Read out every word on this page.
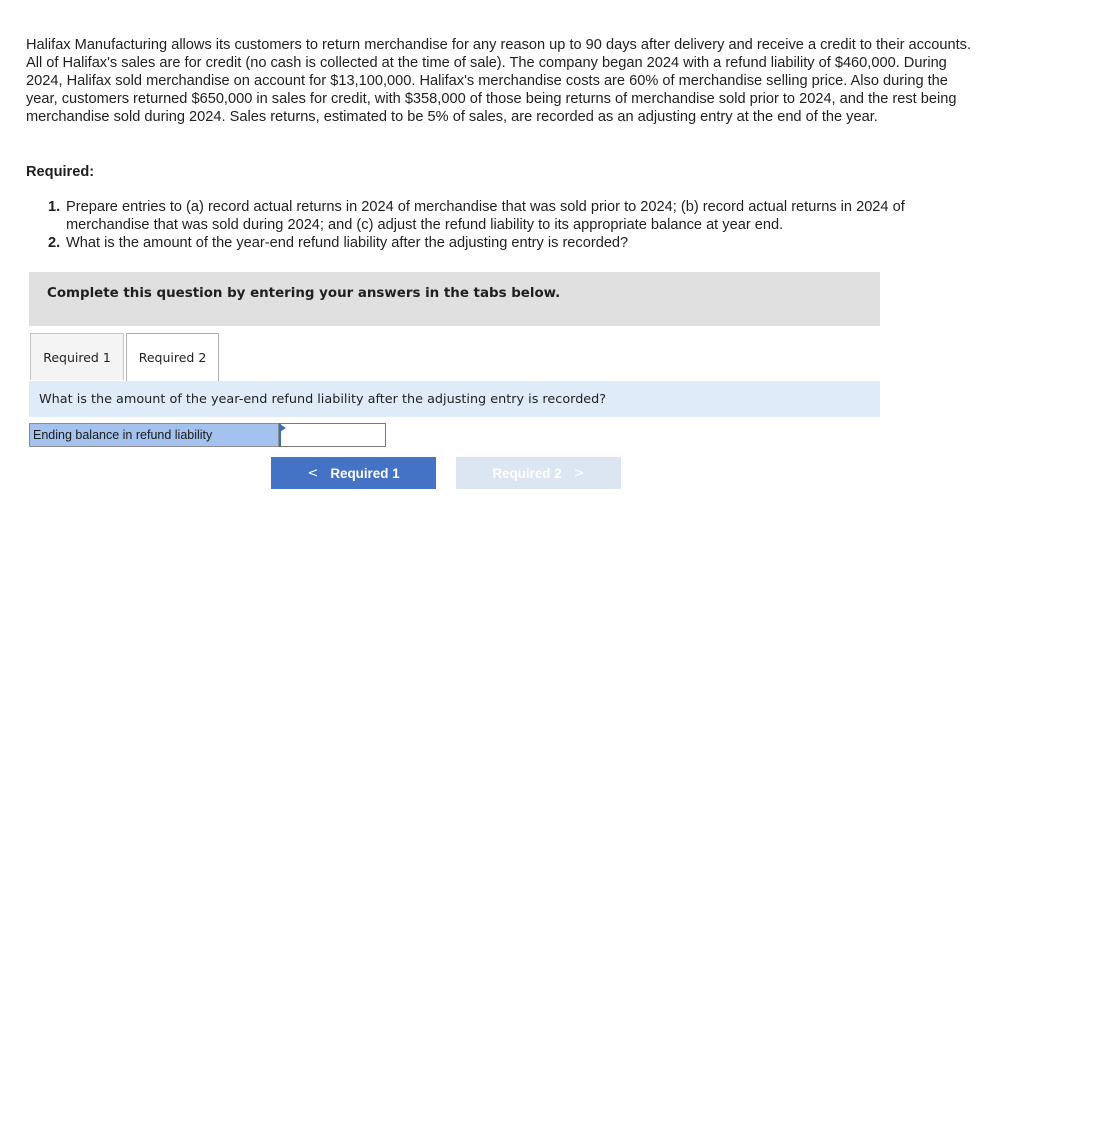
Halifax Manufacturing allows its customers to return merchandise for any reason up to 90 days after delivery and receive a credit to their accounts. All of Halifax's sales are for credit (no cash is collected at the time of sale). The company began 2024 with a refund liability of $460,000. During 2024, Halifax sold merchandise on account for $13,100,000. Halifax's merchandise costs are 60% of merchandise selling price. Also during the year, customers returned $650,000 in sales for credit, with $358,000 of those being returns of merchandise sold prior to 2024, and the rest being merchandise sold during 2024. Sales returns, estimated to be 5% of sales, are recorded as an adjusting entry at the end of the year.

Required:

1. Prepare entries to (a) record actual returns in 2024 of merchandise that was sold prior to 2024; (b) record actual returns in 2024 of merchandise that was sold during 2024; and (c) adjust the refund liability to its appropriate balance at year end.
2. What is the amount of the year-end refund liability after the adjusting entry is recorded?
Complete this question by entering your answers in the tabs below.
Required 1	Required 2
What is the amount of the year-end refund liability after the adjusting entry is recorded?
Ending balance in refund liability
< Required 1	Required 2 >
